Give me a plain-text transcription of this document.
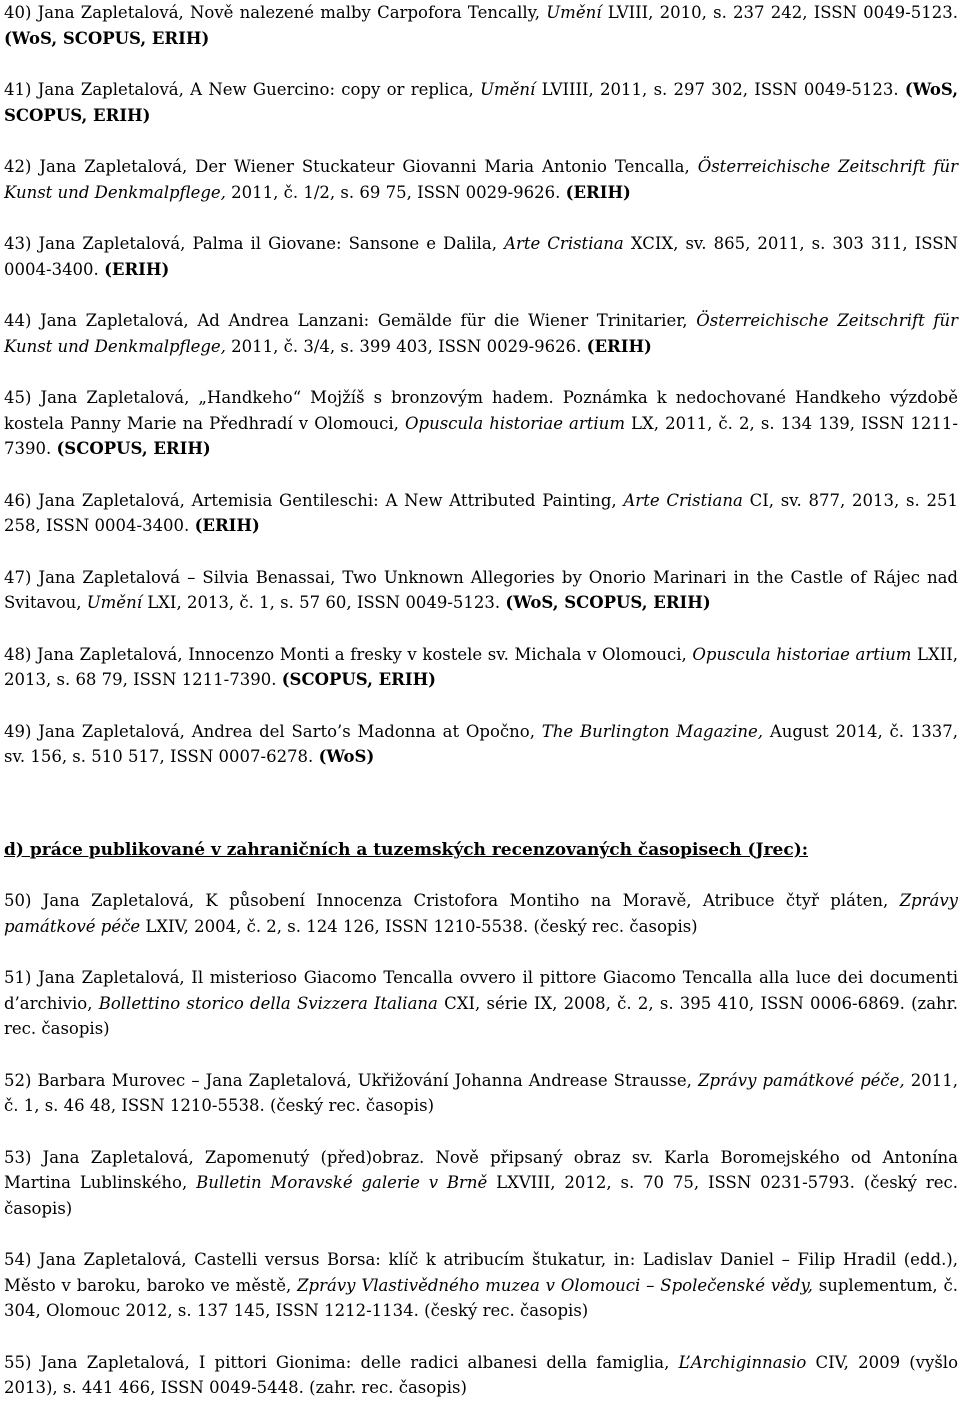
40) Jana Zapletalová, Nově nalezené malby Carpofora Tencally, Umění LVIII, 2010, s. 237 242, ISSN 0049-5123. (WoS, SCOPUS, ERIH)
41) Jana Zapletalová, A New Guercino: copy or replica, Umění LVIIII, 2011, s. 297 302, ISSN 0049-5123. (WoS, SCOPUS, ERIH)
42) Jana Zapletalová, Der Wiener Stuckateur Giovanni Maria Antonio Tencalla, Österreichische Zeitschrift für Kunst und Denkmalpflege, 2011, č. 1/2, s. 69 75, ISSN 0029-9626. (ERIH)
43) Jana Zapletalová, Palma il Giovane: Sansone e Dalila, Arte Cristiana XCIX, sv. 865, 2011, s. 303 311, ISSN 0004-3400. (ERIH)
44) Jana Zapletalová, Ad Andrea Lanzani: Gemälde für die Wiener Trinitarier, Österreichische Zeitschrift für Kunst und Denkmalpflege, 2011, č. 3/4, s. 399 403, ISSN 0029-9626. (ERIH)
45) Jana Zapletalová, „Handkeho“ Mojžíš s bronzovým hadem. Poznámka k nedochované Handkeho výzdobě kostela Panny Marie na Předhradí v Olomouci, Opuscula historiae artium LX, 2011, č. 2, s. 134 139, ISSN 1211-7390. (SCOPUS, ERIH)
46) Jana Zapletalová, Artemisia Gentileschi: A New Attributed Painting, Arte Cristiana CI, sv. 877, 2013, s. 251 258, ISSN 0004-3400. (ERIH)
47) Jana Zapletalová – Silvia Benassai, Two Unknown Allegories by Onorio Marinari in the Castle of Rájec nad Svitavou, Umění LXI, 2013, č. 1, s. 57 60, ISSN 0049-5123. (WoS, SCOPUS, ERIH)
48) Jana Zapletalová, Innocenzo Monti a fresky v kostele sv. Michala v Olomouci, Opuscula historiae artium LXII, 2013, s. 68 79, ISSN 1211-7390. (SCOPUS, ERIH)
49) Jana Zapletalová, Andrea del Sarto’s Madonna at Opočno, The Burlington Magazine, August 2014, č. 1337, sv. 156, s. 510 517, ISSN 0007-6278. (WoS)
d) práce publikované v zahraničních a tuzemských recenzovaných časopisech (Jrec):
50) Jana Zapletalová, K působení Innocenza Cristofora Montiho na Moravě, Atribuce čtyř pláten, Zprávy památkové péče LXIV, 2004, č. 2, s. 124 126, ISSN 1210-5538. (český rec. časopis)
51) Jana Zapletalová, Il misterioso Giacomo Tencalla ovvero il pittore Giacomo Tencalla alla luce dei documenti d’archivio, Bollettino storico della Svizzera Italiana CXI, série IX, 2008, č. 2, s. 395 410, ISSN 0006-6869. (zahr. rec. časopis)
52) Barbara Murovec – Jana Zapletalová, Ukřižování Johanna Andrease Strausse, Zprávy památkové péče, 2011, č. 1, s. 46 48, ISSN 1210-5538. (český rec. časopis)
53) Jana Zapletalová, Zapomenutý (před)obraz. Nově připsaný obraz sv. Karla Boromejského od Antonína Martina Lublinského, Bulletin Moravské galerie v Brně LXVIII, 2012, s. 70 75, ISSN 0231-5793. (český rec. časopis)
54) Jana Zapletalová, Castelli versus Borsa: klíč k atribucím štukatur, in: Ladislav Daniel – Filip Hradil (edd.), Město v baroku, baroko ve městě, Zprávy Vlastivědného muzea v Olomouci – Společenské vědy, suplementum, č. 304, Olomouc 2012, s. 137 145, ISSN 1212-1134. (český rec. časopis)
55) Jana Zapletalová, I pittori Gionima: delle radici albanesi della famiglia, L’Archiginnasio CIV, 2009 (vyšlo 2013), s. 441 466, ISSN 0049-5448. (zahr. rec. časopis)
